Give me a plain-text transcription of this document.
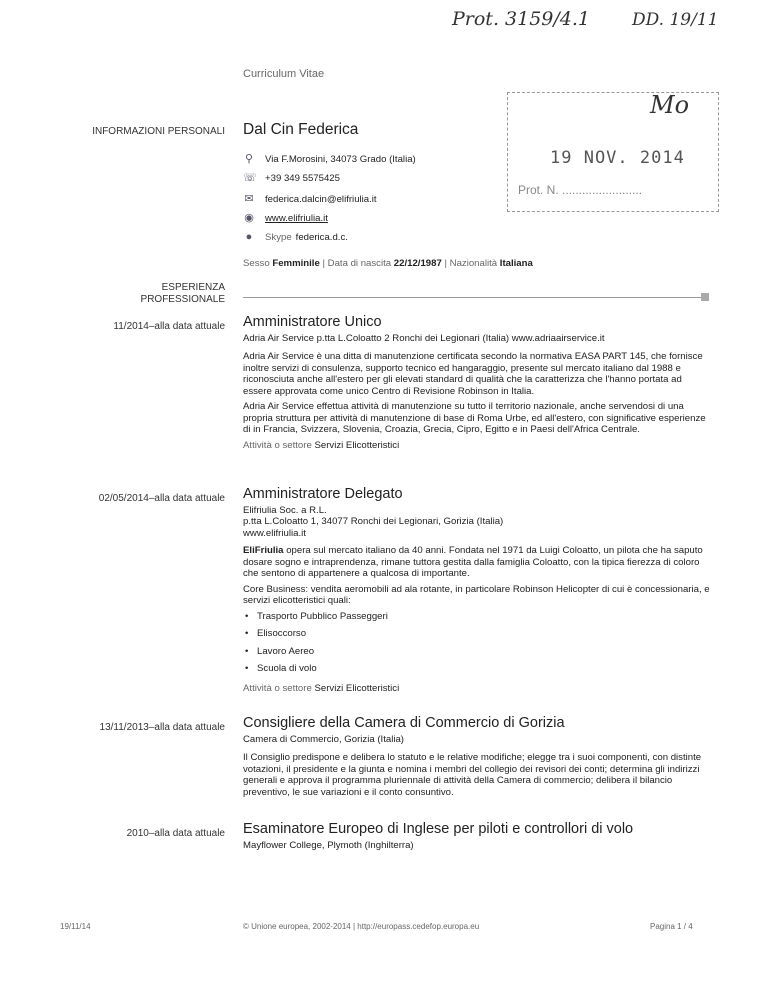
Prot. 3159/4.1 DD. 19/11
Curriculum Vitae
Mo
19 NOV. 2014
Prot. N. ........................
INFORMAZIONI PERSONALI Dal Cin Federica
⚲ Via F.Morosini, 34073 Grado (Italia)
☏ +39 349 5575425
✉ federica.dalcin@elifriulia.it
◉ www.elifriulia.it
● Skype federica.d.c.
Sesso Femminile | Data di nascita 22/12/1987 | Nazionalità Italiana
ESPERIENZA
PROFESSIONALE
11/2014–alla data attuale Amministratore Unico

Adria Air Service p.tta L.Coloatto 2 Ronchi dei Legionari (Italia) www.adriaairservice.it

Adria Air Service è una ditta di manutenzione certificata secondo la normativa EASA PART 145, che fornisce inoltre servizi di consulenza, supporto tecnico ed hangaraggio, presente sul mercato italiano dal 1988 e riconosciuta anche all'estero per gli elevati standard di qualità che la caratterizza che l'hanno portata ad essere approvata come unico Centro di Revisione Robinson in Italia.

Adria Air Service effettua attività di manutenzione su tutto il territorio nazionale, anche servendosi di una propria struttura per attività di manutenzione di base di Roma Urbe, ed all'estero, con significative esperienze di in Francia, Svizzera, Slovenia, Croazia, Grecia, Cipro, Egitto e in Paesi dell'Africa Centrale.

Attività o settore Servizi Elicotteristici
02/05/2014–alla data attuale Amministratore Delegato
Elifriulia Soc. a R.L.
p.tta L.Coloatto 1, 34077 Ronchi dei Legionari, Gorizia (Italia)
www.elifriulia.it

EliFriulia opera sul mercato italiano da 40 anni. Fondata nel 1971 da Luigi Coloatto, un pilota che ha saputo dosare sogno e intraprendenza, rimane tuttora gestita dalla famiglia Coloatto, con la tipica fierezza di coloro che sentono di appartenere a qualcosa di importante.

Core Business: vendita aeromobili ad ala rotante, in particolare Robinson Helicopter di cui è concessionaria, e servizi elicotteristici quali:

• Trasporto Pubblico Passeggeri
• Elisoccorso
• Lavoro Aereo
• Scuola di volo
Attività o settore Servizi Elicotteristici
13/11/2013–alla data attuale Consigliere della Camera di Commercio di Gorizia

Camera di Commercio, Gorizia (Italia)

Il Consiglio predispone e delibera lo statuto e le relative modifiche; elegge tra i suoi componenti, con distinte votazioni, il presidente e la giunta e nomina i membri del collegio dei revisori dei conti; determina gli indirizzi generali e approva il programma pluriennale di attività della Camera di commercio; delibera il bilancio preventivo, le sue variazioni e il conto consuntivo.

2010–alla data attuale Esaminatore Europeo di Inglese per piloti e controllori di volo

Mayflower College, Plymoth (Inghilterra)

19/11/14	© Unione europea, 2002-2014 | http://europass.cedefop.europa.eu	Pagina 1 / 4
